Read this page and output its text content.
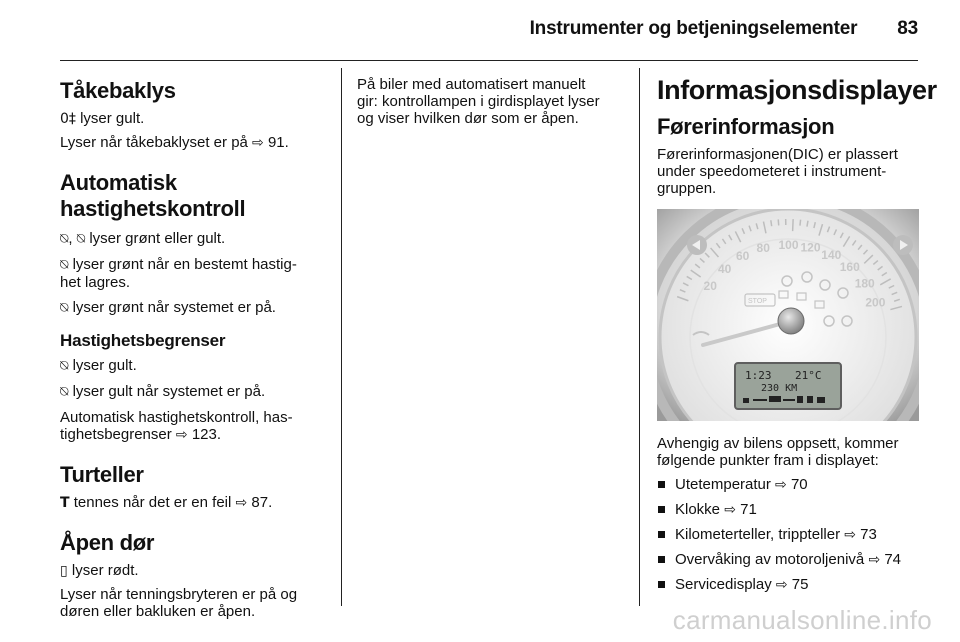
Instrumenter og betjeningselementer 83
Tåkebaklys

0‡ lyser gult.

Lyser når tåkebaklyset er på ⇨ 91.

Automatisk
hastighetskontroll

⍉, ⍉ lyser grønt eller gult.

⍉ lyser grønt når en bestemt hastig-
het lagres.

⍉ lyser grønt når systemet er på.

Hastighetsbegrenser

⍉ lyser gult.

⍉ lyser gult når systemet er på.

Automatisk hastighetskontroll, has-
tighetsbegrenser ⇨ 123.

Turteller

T tennes når det er en feil ⇨ 87.

Åpen dør

▯ lyser rødt.

Lyser når tenningsbryteren er på og
døren eller bakluken er åpen.

På biler med automatisert manuelt
gir: kontrollampen i girdisplayet lyser
og viser hvilken dør som er åpen.

Informasjonsdisplayer
Førerinformasjon

Førerinformasjonen(DIC) er plassert
under speedometeret i instrument-
gruppen.

20
40
60
80 100 120
140
160
180
200
STOP
1:23 21°C
230 KM

Avhengig av bilens oppsett, kommer
følgende punkter fram i displayet:

Utetemperatur ⇨ 70
Klokke ⇨ 71
Kilometerteller, trippteller ⇨ 73
Overvåking av motoroljenivå ⇨ 74
Servicedisplay ⇨ 75
carmanualsonline.info
